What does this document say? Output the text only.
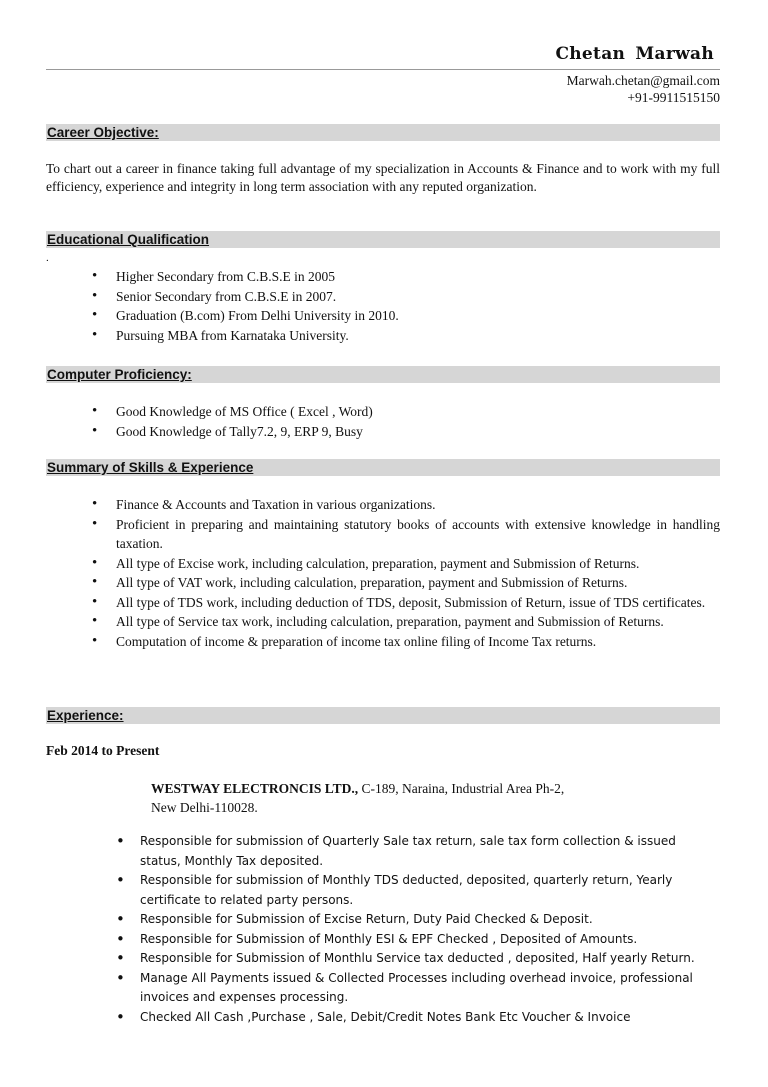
Chetan Marwah
Marwah.chetan@gmail.com
+91-9911515150
Career Objective:
To chart out a career in finance taking full advantage of my specialization in Accounts & Finance and to work with my full efficiency, experience and integrity in long term association with any reputed organization.
Educational Qualification
.
• Higher Secondary from C.B.S.E in 2005
• Senior Secondary from C.B.S.E in 2007.
• Graduation (B.com) From Delhi University in 2010.
• Pursuing MBA from Karnataka University.
Computer Proficiency:
• Good Knowledge of MS Office ( Excel , Word)
• Good Knowledge of Tally7.2, 9, ERP 9, Busy
Summary of Skills & Experience
• Finance & Accounts and Taxation in various organizations.
• Proficient in preparing and maintaining statutory books of accounts with extensive knowledge in handling taxation.
• All type of Excise work, including calculation, preparation, payment and Submission of Returns.
• All type of VAT work, including calculation, preparation, payment and Submission of Returns.
• All type of TDS work, including deduction of TDS, deposit, Submission of Return, issue of TDS certificates.
• All type of Service tax work, including calculation, preparation, payment and Submission of Returns.
• Computation of income & preparation of income tax online filing of Income Tax returns.
Experience:
Feb 2014 to Present
WESTWAY ELECTRONCIS LTD., C-189, Naraina, Industrial Area Ph-2,
New Delhi-110028.
• Responsible for submission of Quarterly Sale tax return, sale tax form collection & issued status, Monthly Tax deposited.
• Responsible for submission of Monthly TDS deducted, deposited, quarterly return, Yearly certificate to related party persons.
• Responsible for Submission of Excise Return, Duty Paid Checked & Deposit.
• Responsible for Submission of Monthly ESI & EPF Checked , Deposited of Amounts.
• Responsible for Submission of Monthlu Service tax deducted , deposited, Half yearly Return.
• Manage All Payments issued & Collected Processes including overhead invoice, professional invoices and expenses processing.
• Checked All Cash ,Purchase , Sale, Debit/Credit Notes Bank Etc Voucher & Invoice
